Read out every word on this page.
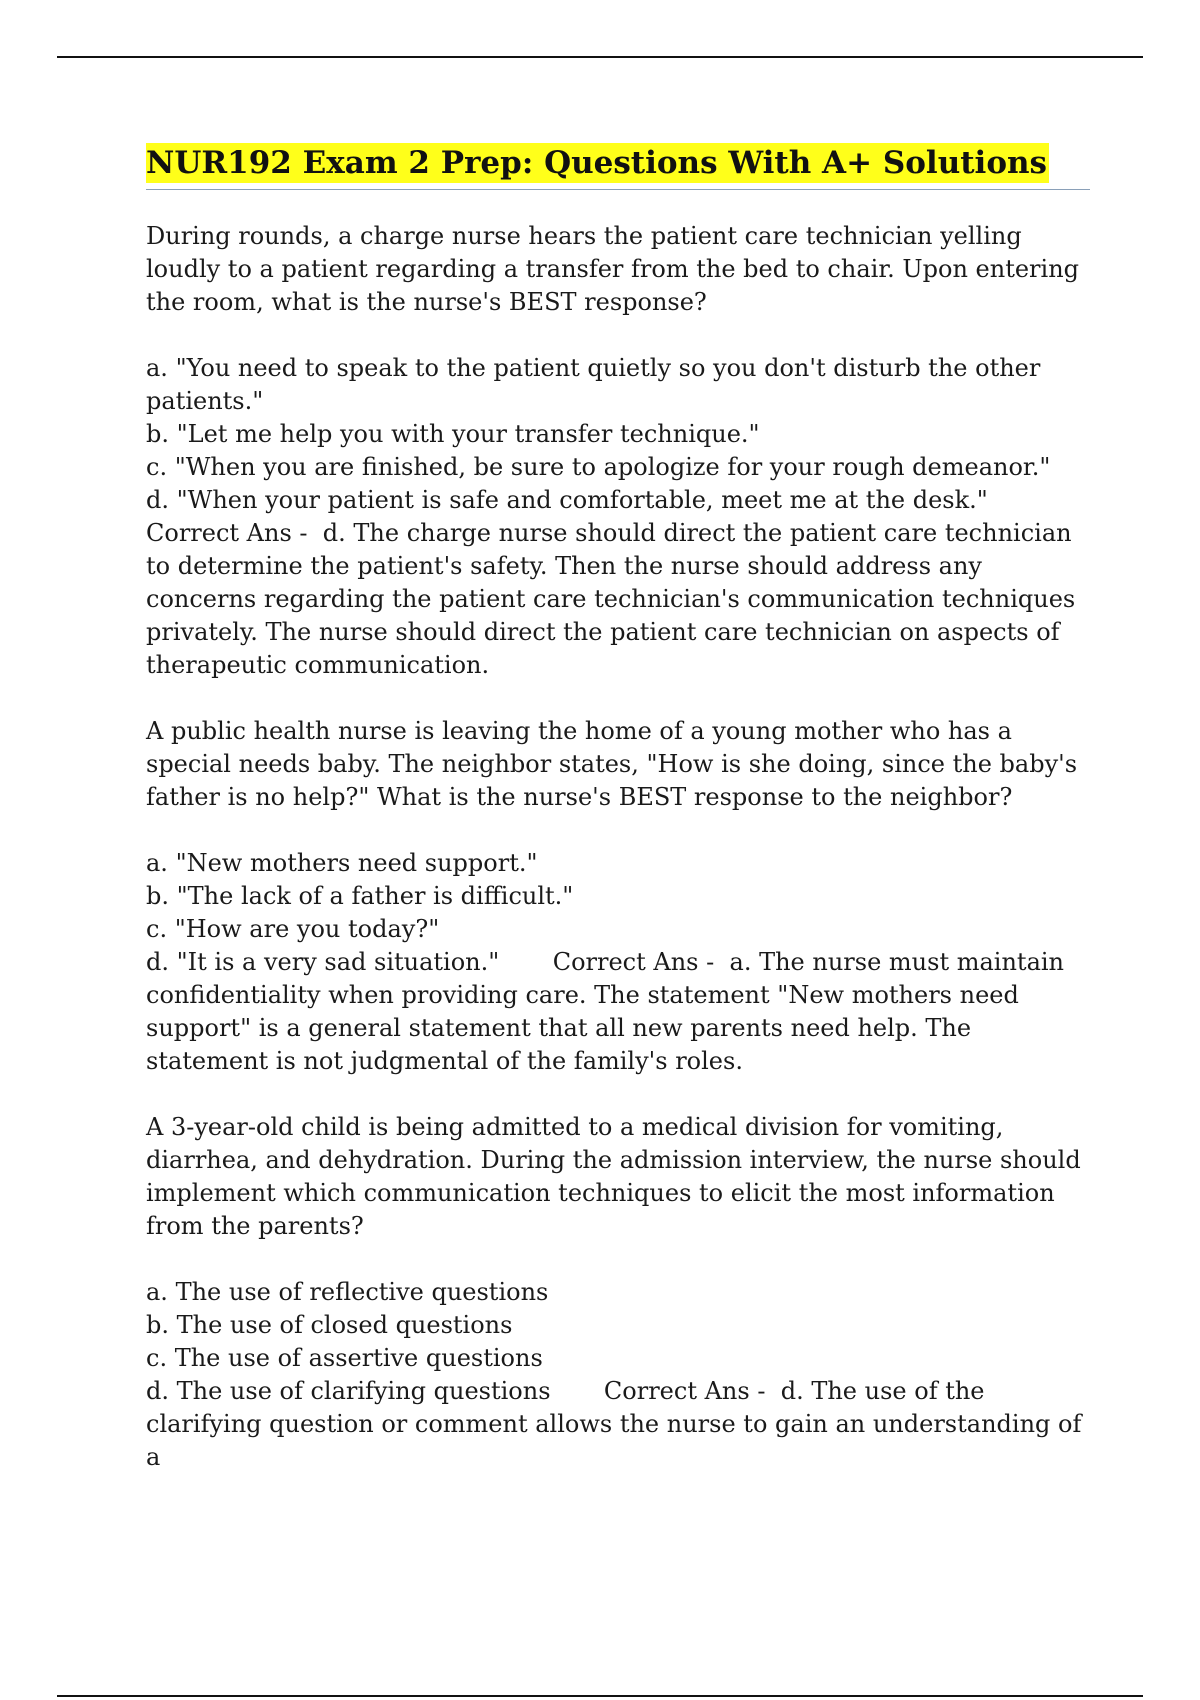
NUR192 Exam 2 Prep: Questions With A+ Solutions

During rounds, a charge nurse hears the patient care technician yelling loudly to a patient regarding a transfer from the bed to chair. Upon entering the room, what is the nurse's BEST response?

a. "You need to speak to the patient quietly so you don't disturb the other patients."

b. "Let me help you with your transfer technique."

c. "When you are finished, be sure to apologize for your rough demeanor."

d. "When your patient is safe and comfortable, meet me at the desk."

Correct Ans - d. The charge nurse should direct the patient care technician to determine the patient's safety. Then the nurse should address any concerns regarding the patient care technician's communication techniques privately. The nurse should direct the patient care technician on aspects of therapeutic communication.

A public health nurse is leaving the home of a young mother who has a special needs baby. The neighbor states, "How is she doing, since the baby's father is no help?" What is the nurse's BEST response to the neighbor?

a. "New mothers need support."

b. "The lack of a father is difficult."

c. "How are you today?"

d. "It is a very sad situation." Correct Ans - a. The nurse must maintain confidentiality when providing care. The statement "New mothers need support" is a general statement that all new parents need help. The statement is not judgmental of the family's roles.

A 3-year-old child is being admitted to a medical division for vomiting, diarrhea, and dehydration. During the admission interview, the nurse should implement which communication techniques to elicit the most information from the parents?

a. The use of reflective questions

b. The use of closed questions

c. The use of assertive questions

d. The use of clarifying questions Correct Ans - d. The use of the clarifying question or comment allows the nurse to gain an understanding of a
